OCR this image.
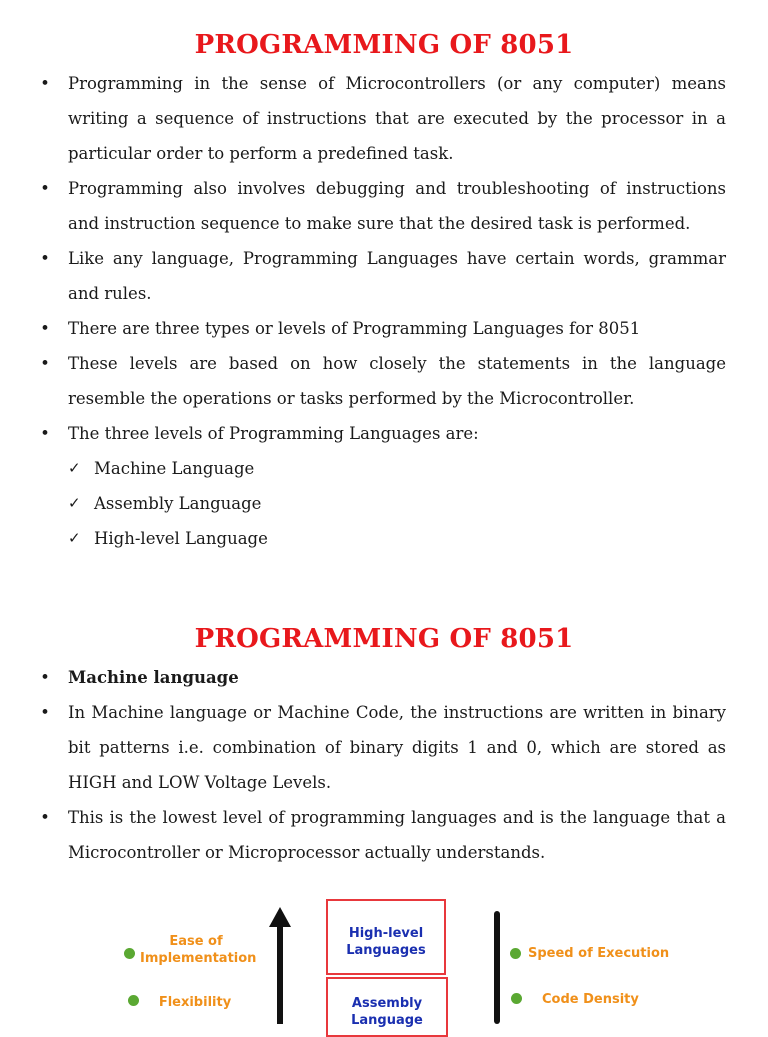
PROGRAMMING OF 8051
• Programming in the sense of Microcontrollers (or any computer) means writing a sequence of instructions that are executed by the processor in a particular order to perform a predefined task.
• Programming also involves debugging and troubleshooting of instructions and instruction sequence to make sure that the desired task is performed.
• Like any language, Programming Languages have certain words, grammar and rules.
• There are three types or levels of Programming Languages for 8051
• These levels are based on how closely the statements in the language resemble the operations or tasks performed by the Microcontroller.
• The three levels of Programming Languages are:
✓ Machine Language
✓ Assembly Language
✓ High-level Language
PROGRAMMING OF 8051
• Machine language
• In Machine language or Machine Code, the instructions are written in binary bit patterns i.e. combination of binary digits 1 and 0, which are stored as HIGH and LOW Voltage Levels.
• This is the lowest level of programming languages and is the language that a Microcontroller or Microprocessor actually understands.
Ease of Implementation
Flexibility
High-level Languages
Assembly Language
Speed of Execution
Code Density
